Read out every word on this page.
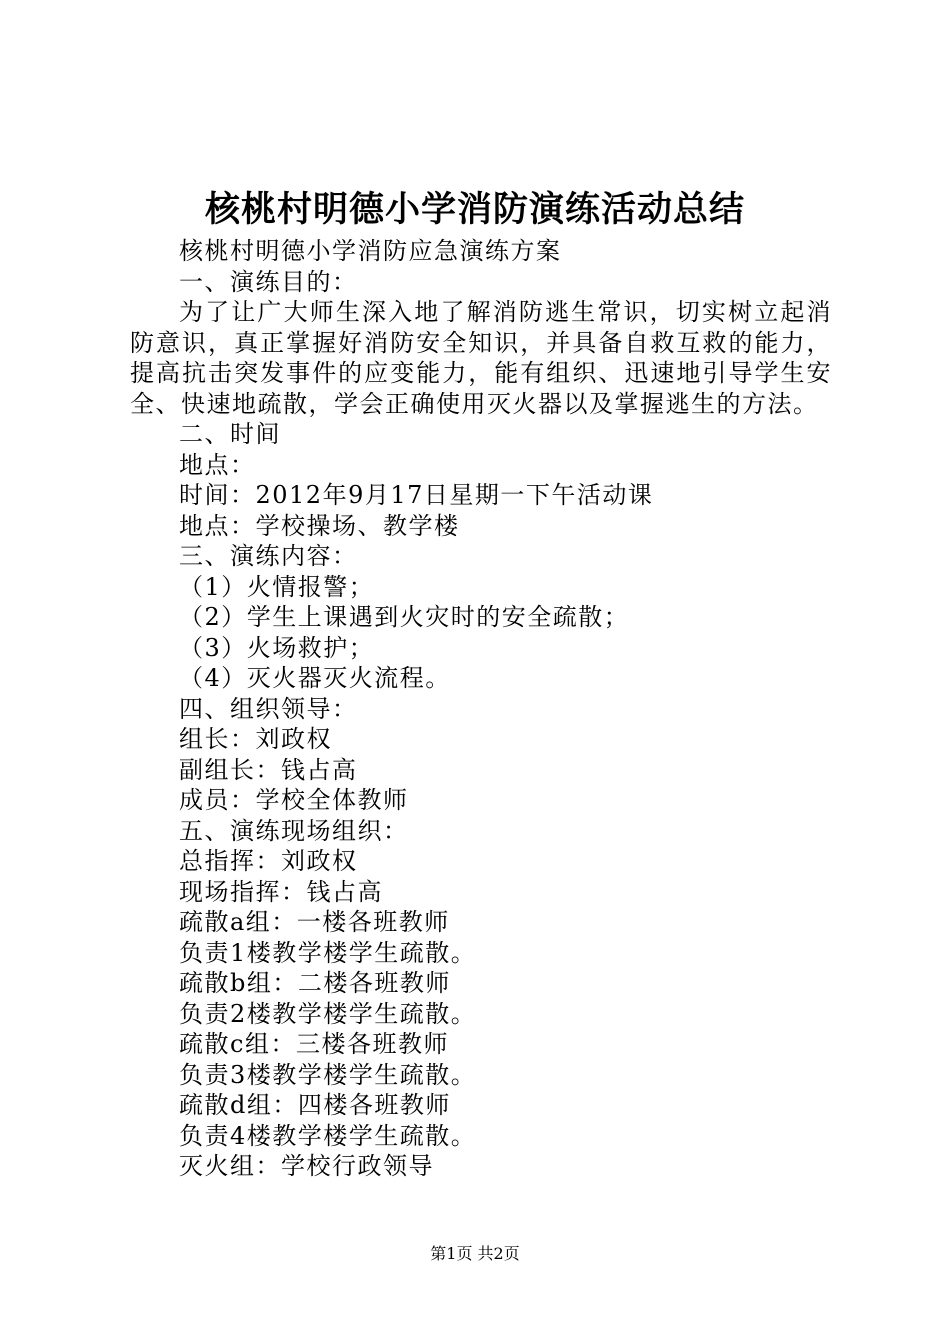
核桃村明德小学消防演练活动总结
核桃村明德小学消防应急演练方案
一、演练目的：

为了让广大师生深入地了解消防逃生常识，切实树立起消防意识，真正掌握好消防安全知识，并具备自救互救的能力，提高抗击突发事件的应变能力，能有组织、迅速地引导学生安全、快速地疏散，学会正确使用灭火器以及掌握逃生的方法。

二、时间
地点：
时间：2012年9月17日星期一下午活动课
地点：学校操场、教学楼
三、演练内容：
（1）火情报警；
（2）学生上课遇到火灾时的安全疏散；
（3）火场救护；
（4）灭火器灭火流程。
四、组织领导：
组长：刘政权
副组长：钱占高
成员：学校全体教师
五、演练现场组织：
总指挥：刘政权
现场指挥：钱占高
疏散a组：一楼各班教师
负责1楼教学楼学生疏散。
疏散b组：二楼各班教师
负责2楼教学楼学生疏散。
疏散c组：三楼各班教师
负责3楼教学楼学生疏散。
疏散d组：四楼各班教师
负责4楼教学楼学生疏散。
灭火组：学校行政领导
第1页 共2页
